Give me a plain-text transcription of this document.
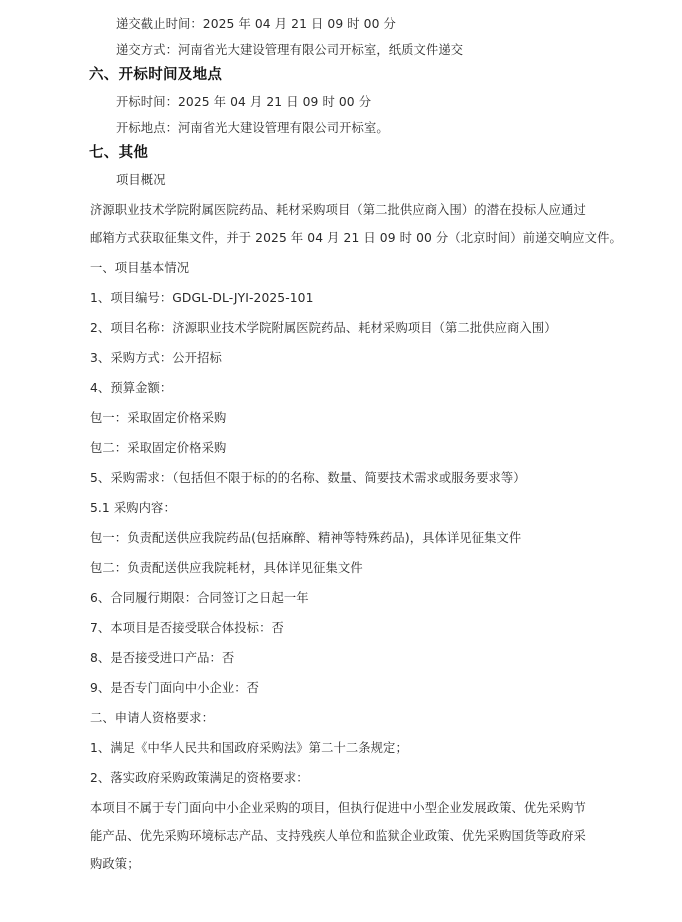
递交截止时间：2025 年 04 月 21 日 09 时 00 分
递交方式：河南省光大建设管理有限公司开标室，纸质文件递交
六、开标时间及地点
开标时间：2025 年 04 月 21 日 09 时 00 分
开标地点：河南省光大建设管理有限公司开标室。
七、其他
项目概况
济源职业技术学院附属医院药品、耗材采购项目（第二批供应商入围）的潜在投标人应通过
邮箱方式获取征集文件，并于 2025 年 04 月 21 日 09 时 00 分（北京时间）前递交响应文件。
一、项目基本情况
1、项目编号：GDGL-DL-JYI-2025-101
2、项目名称：济源职业技术学院附属医院药品、耗材采购项目（第二批供应商入围）
3、采购方式：公开招标
4、预算金额：
包一：采取固定价格采购
包二：采取固定价格采购
5、采购需求：（包括但不限于标的的名称、数量、简要技术需求或服务要求等）
5.1 采购内容：
包一：负责配送供应我院药品(包括麻醉、精神等特殊药品)，具体详见征集文件
包二：负责配送供应我院耗材，具体详见征集文件
6、合同履行期限：合同签订之日起一年
7、本项目是否接受联合体投标：否
8、是否接受进口产品：否
9、是否专门面向中小企业：否
二、申请人资格要求：
1、满足《中华人民共和国政府采购法》第二十二条规定；
2、落实政府采购政策满足的资格要求：
本项目不属于专门面向中小企业采购的项目，但执行促进中小型企业发展政策、优先采购节
能产品、优先采购环境标志产品、支持残疾人单位和监狱企业政策、优先采购国货等政府采
购政策；
